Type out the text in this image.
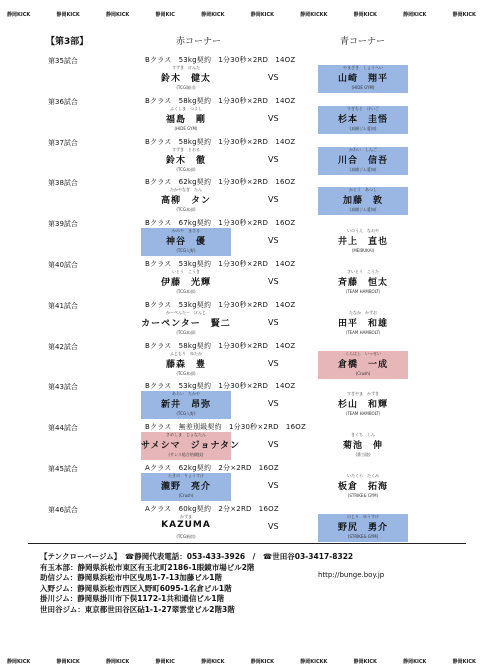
静岡KICK	静岡KICK	静岡KICK	静岡KIC	静岡KICK	静岡KICK	静岡KICKK	静岡KICK	静岡KICK	静岡KICK
【第3部】	赤コーナー	青コーナー
第35試合	Bクラス　53kg契約　1分30秒×2RD　14OZ
すずき　けんた
鈴木　健太
(TCG湖川)
やまざき　しょうへい
山崎　翔平
(HIDE GYM)
VS
第36試合	Bクラス　58kg契約　1分30秒×2RD　14OZ
ふくしま　つよし
福島　剛
(HIDE GYM)
すぎもと　けいご
杉本　圭悟
(真樹ジム愛知)
VS
第37試合	Bクラス　58kg契約　1分30秒×2RD　14OZ
すずき　とおる
鈴木　徹
(TCG本部)
かわい　しんご
川合　信吾
(真樹ジム愛知)
VS
第38試合	Bクラス　62kg契約　1分30秒×2RD　16OZ
たかやなぎ　たん
高柳　タン
(TCG本部)
かとう　あつし
加藤　敦
(真樹ジム愛知)
VS
第39試合	Bクラス　67kg契約　1分30秒×2RD　16OZ
かみや　まさる
神谷　優
(TCG入野)
いのうえ　なおや
井上　直也
(MEIBUKAI)
VS
第40試合	Bクラス　53kg契約　1分30秒×2RD　14OZ
いとう　こうき
伊藤　光輝
(TCG本部)
さいとう　こうた
斉藤　恒太
(TEAM HAMBOLT)
VS
第41試合	Bクラス　53kg契約　1分30秒×2RD　14OZ
かーぺんたー　けんじ
カーペンター　賢二
(TCG本部)
たなか　かずお
田平　和雄
(TEAM HAMBOLT)
VS
第42試合	Bクラス　58kg契約　1分30秒×2RD　14OZ
ふじもり　ゆたか
藤森　豊
(TCG本部)
くらはし　いっせい
倉橋　一成
(Crush)
VS
第43試合	Bクラス　53kg契約　1分30秒×2RD　14OZ
あらい　たかや
新井　昂弥
(TCG入野)
すぎやま　かずき
杉山　和輝
(TEAM HAMBOLT)
VS
第44試合	Bクラス　無差別級契約　1分30秒×2RD　16OZ
さめしま　じょなたん
サメシマ　ジョナタン
(サレス総合格闘技)
きくち　しん
菊池　伸
(番当陸)
VS
第45試合	Aクラス　62kg契約　2分×2RD　16OZ
たきの　りょうすけ
瀧野　亮介
(Crush)
いたくら　たくみ
板倉　拓海
(STRIKE& GYM)
VS
第46試合	Aクラス　60kg契約　2分×2RD　16OZ
かずま
KAZUMA
(TCG新宿)
のじり　ゆうすけ
野尻　勇介
(STRIKE& GYM)
VS
【テンクローバージム】　☎静岡代表電話：053-433-3926　/　☎世田谷03-3417-8322
有玉本部：静岡県浜松市東区有玉北町2186-1眼鏡市場ビル2階
助信ジム：静岡県浜松市中区曳馬1-7-13加藤ビル1階
入野ジム：静岡県浜松市西区入野町6095-1名倉ビル1階
掛川ジム：静岡県掛川市下俣1172-1共和通信ビル1階
世田谷ジム：東京都世田谷区砧1-1-27翠雲堂ビル2階3階
http://bunge.boy.jp
静岡KICK	静岡KICK	静岡KICK	静岡KIC	静岡KICK	静岡KICK	静岡KICKK	静岡KICK	静岡KICK	静岡KICK
